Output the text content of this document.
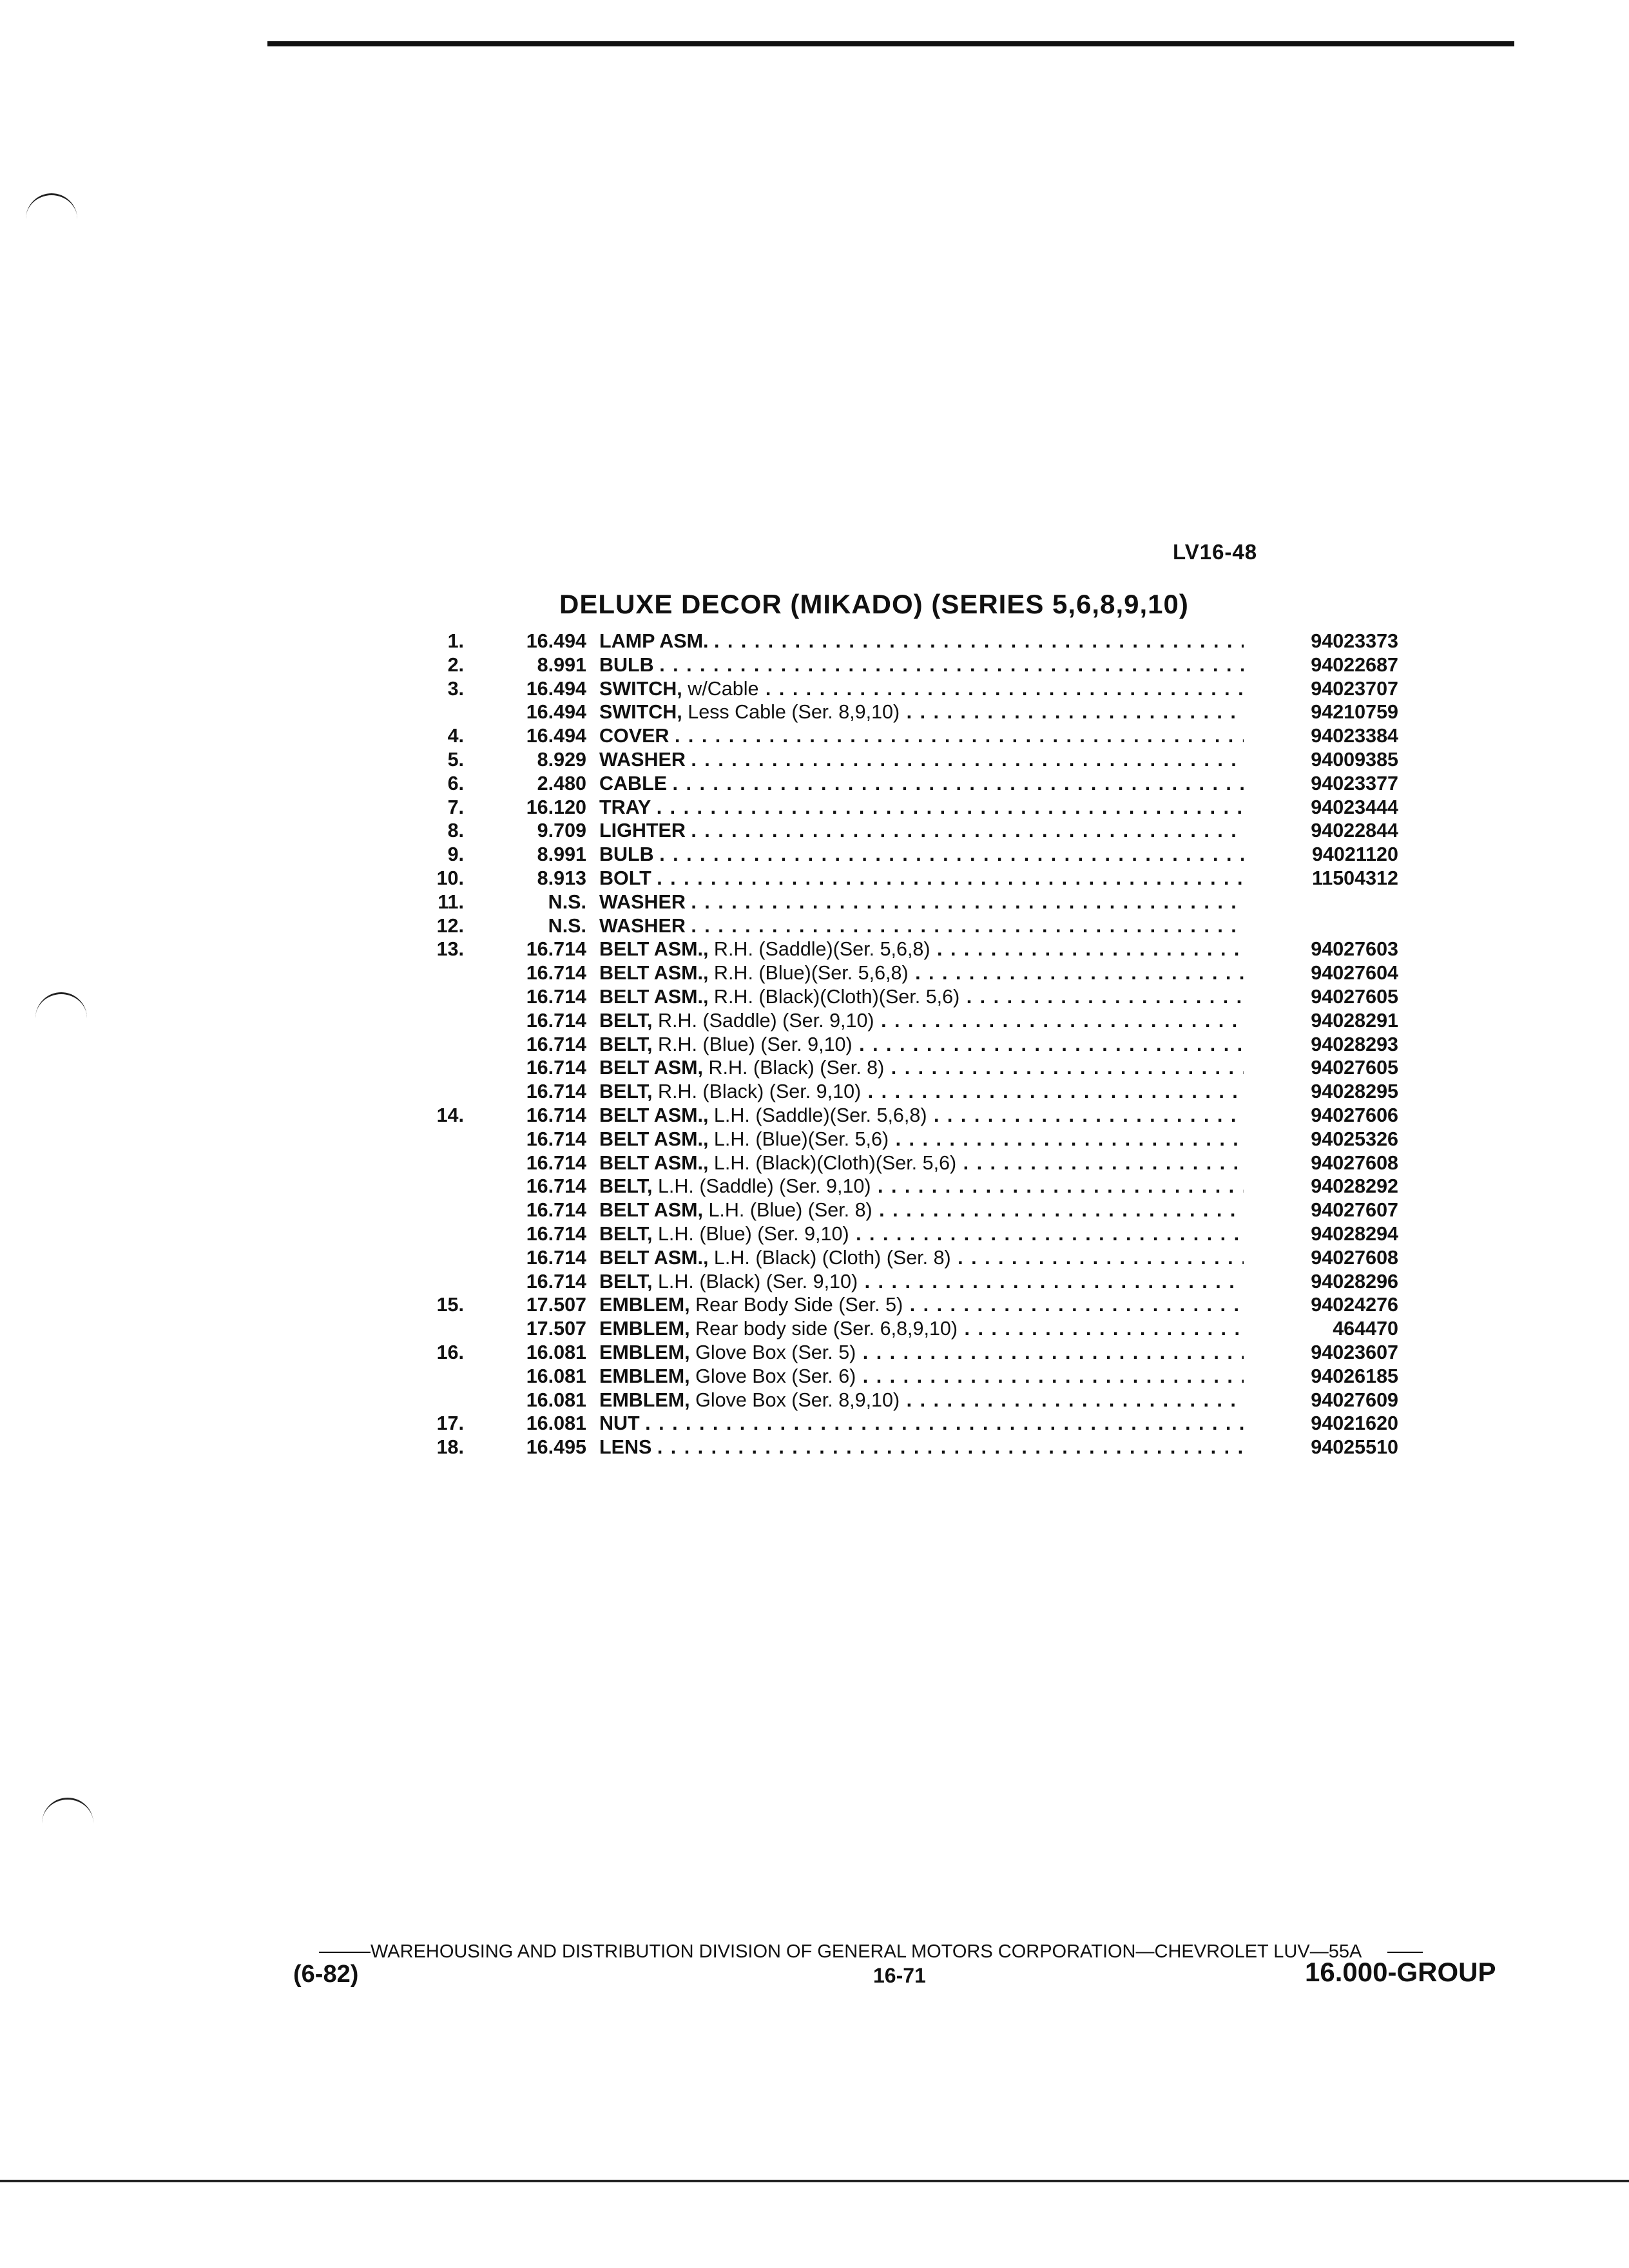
LV16-48
DELUXE DECOR (MIKADO) (SERIES 5,6,8,9,10)
1.	16.494 LAMP ASM. . . .	94023373
2.	8.991 BULB . . .	94022687
3.	16.494 SWITCH, w/Cable . . .	94023707
16.494 SWITCH, Less Cable (Ser. 8,9,10) . . .	94210759
4.	16.494 COVER . . .	94023384
5.	8.929 WASHER . . .	94009385
6.	2.480 CABLE . . .	94023377
7.	16.120 TRAY . . .	94023444
8.	9.709 LIGHTER . . .	94022844
9.	8.991 BULB . . .	94021120
10.	8.913 BOLT . . .	11504312
11.	N.S. WASHER . . .
12.	N.S. WASHER . . .
13.	16.714 BELT ASM., R.H. (Saddle)(Ser. 5,6,8) . . .	94027603
16.714 BELT ASM., R.H. (Blue)(Ser. 5,6,8) . . .	94027604
16.714 BELT ASM., R.H. (Black)(Cloth)(Ser. 5,6) . . .	94027605
16.714 BELT, R.H. (Saddle) (Ser. 9,10) . . .	94028291
16.714 BELT, R.H. (Blue) (Ser. 9,10) . . .	94028293
16.714 BELT ASM, R.H. (Black) (Ser. 8) . . .	94027605
16.714 BELT, R.H. (Black) (Ser. 9,10) . . .	94028295
14.	16.714 BELT ASM., L.H. (Saddle)(Ser. 5,6,8) . . .	94027606
16.714 BELT ASM., L.H. (Blue)(Ser. 5,6) . . .	94025326
16.714 BELT ASM., L.H. (Black)(Cloth)(Ser. 5,6) . . .	94027608
16.714 BELT, L.H. (Saddle) (Ser. 9,10) . . .	94028292
16.714 BELT ASM, L.H. (Blue) (Ser. 8) . . .	94027607
16.714 BELT, L.H. (Blue) (Ser. 9,10) . . .	94028294
16.714 BELT ASM., L.H. (Black) (Cloth) (Ser. 8) . . .	94027608
16.714 BELT, L.H. (Black) (Ser. 9,10) . . .	94028296
15.	17.507 EMBLEM, Rear Body Side (Ser. 5) . . .	94024276
17.507 EMBLEM, Rear body side (Ser. 6,8,9,10) . . .	464470
16.	16.081 EMBLEM, Glove Box (Ser. 5) . . .	94023607
16.081 EMBLEM, Glove Box (Ser. 6) . . .	94026185
16.081 EMBLEM, Glove Box (Ser. 8,9,10) . . .	94027609
17.	16.081 NUT . . .	94021620
18.	16.495 LENS . . .	94025510
WAREHOUSING AND DISTRIBUTION DIVISION OF GENERAL MOTORS CORPORATION—CHEVROLET LUV—55A
(6-82)	16-71	16.000-GROUP
